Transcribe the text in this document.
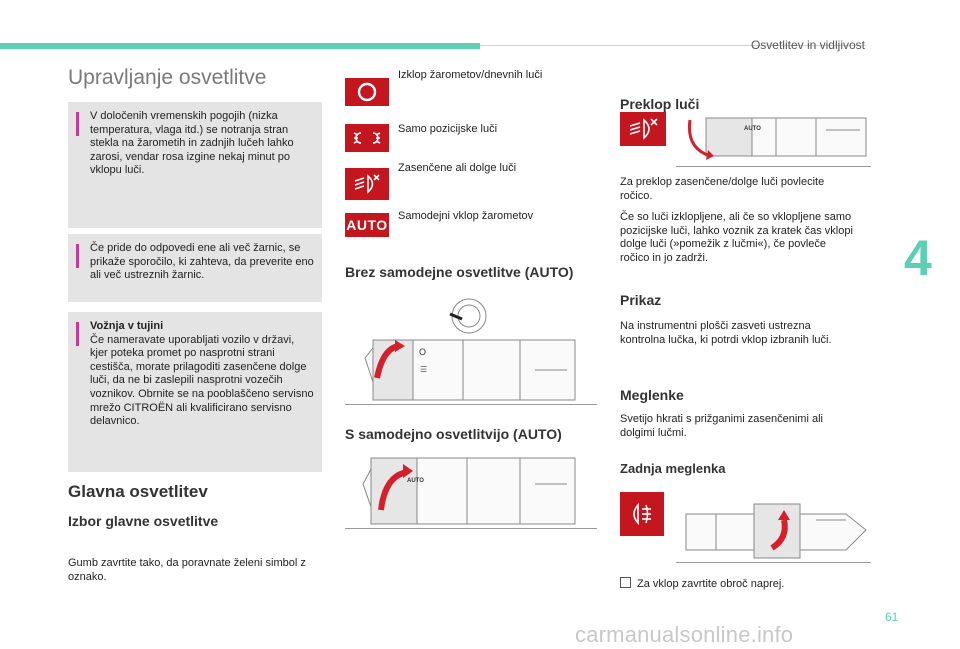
Osvetlitev in vidljivost
Upravljanje osvetlitve
V določenih vremenskih pogojih (nizka temperatura, vlaga itd.) se notranja stran stekla na žarometih in zadnjih lučeh lahko zarosi, vendar rosa izgine nekaj minut po vklopu luči.
Če pride do odpovedi ene ali več žarnic, se prikaže sporočilo, ki zahteva, da preverite eno ali več ustreznih žarnic.
Vožnja v tujini
Če nameravate uporabljati vozilo v državi, kjer poteka promet po nasprotni strani cestišča, morate prilagoditi zasenčene dolge luči, da ne bi zaslepili nasprotni vozečih voznikov. Obrnite se na pooblaščeno servisno mrežo CITROËN ali kvalificirano servisno delavnico.
Glavna osvetlitev
Izbor glavne osvetlitve
Gumb zavrtite tako, da poravnate želeni simbol z oznako.
Izklop žarometov/dnevnih luči
Samo pozicijske luči
Zasenčene ali dolge luči
AUTO
Samodejni vklop žarometov
Brez samodejne osvetlitve (AUTO)
O
☰
S samodejno osvetlitvijo (AUTO)
AUTO
Preklop luči
AUTO
Za preklop zasenčene/dolge luči povlecite ročico.
Če so luči izklopljene, ali če so vklopljene samo pozicijske luči, lahko voznik za kratek čas vklopi dolge luči (»pomežik z lučmi«), če povleče ročico in jo zadrži.
Prikaz
Na instrumentni plošči zasveti ustrezna kontrolna lučka, ki potrdi vklop izbranih luči.
Meglenke
Svetijo hkrati s prižganimi zasenčenimi ali dolgimi lučmi.
Zadnja meglenka
Za vklop zavrtite obroč naprej.
4
61
carmanualsonline.info
